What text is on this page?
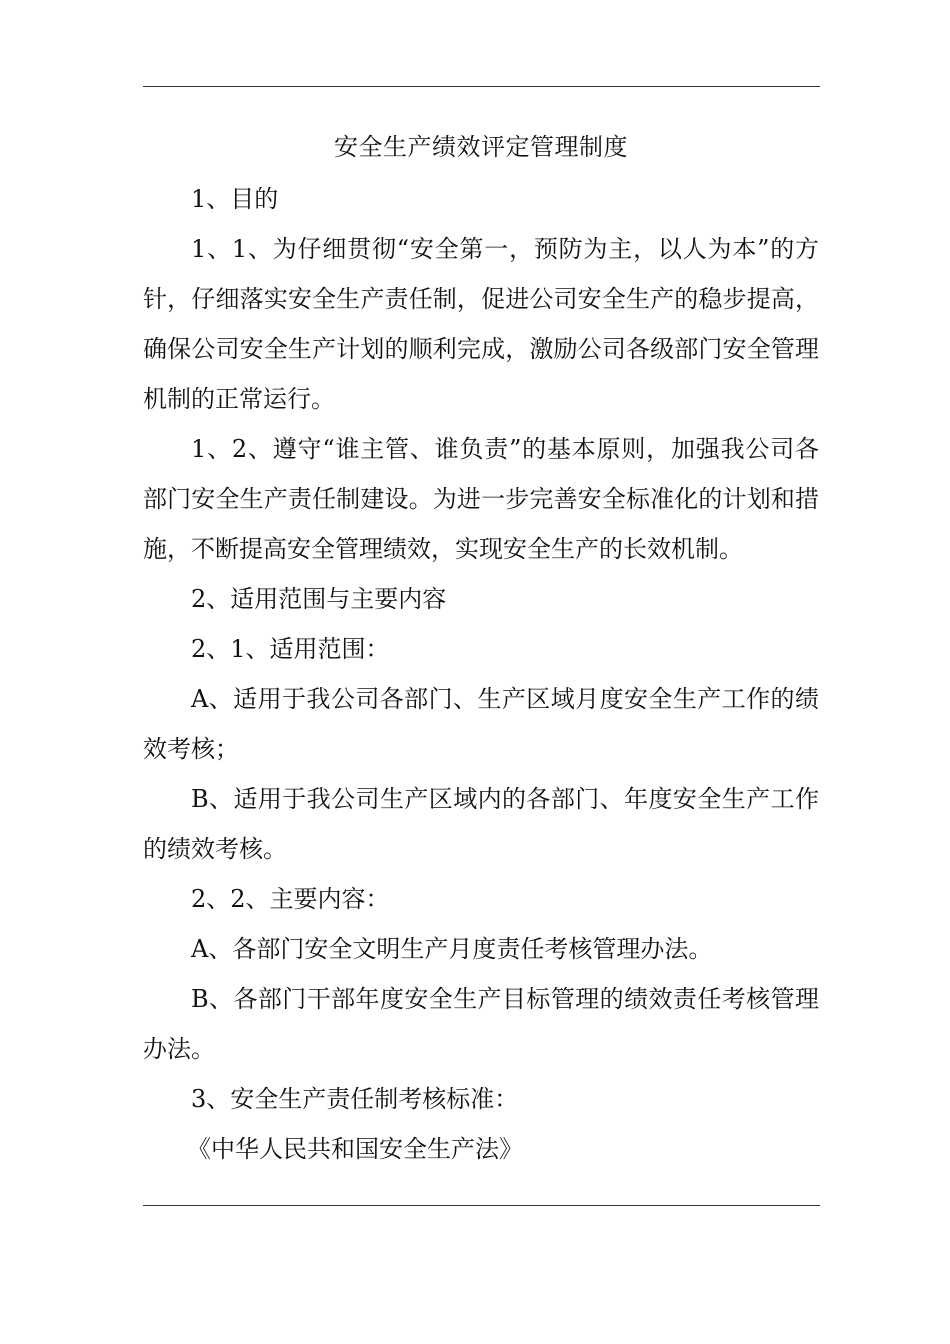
安全生产绩效评定管理制度

1、目的

1、1、为仔细贯彻“安全第一，预防为主，以人为本”的方针，仔细落实安全生产责任制，促进公司安全生产的稳步提高，确保公司安全生产计划的顺利完成，激励公司各级部门安全管理机制的正常运行。

1、2、遵守“谁主管、谁负责”的基本原则，加强我公司各部门安全生产责任制建设。为进一步完善安全标准化的计划和措施，不断提高安全管理绩效，实现安全生产的长效机制。

2、适用范围与主要内容

2、1、适用范围：

A、适用于我公司各部门、生产区域月度安全生产工作的绩效考核；

B、适用于我公司生产区域内的各部门、年度安全生产工作的绩效考核。

2、2、主要内容：

A、各部门安全文明生产月度责任考核管理办法。

B、各部门干部年度安全生产目标管理的绩效责任考核管理办法。

3、安全生产责任制考核标准：

《中华人民共和国安全生产法》
